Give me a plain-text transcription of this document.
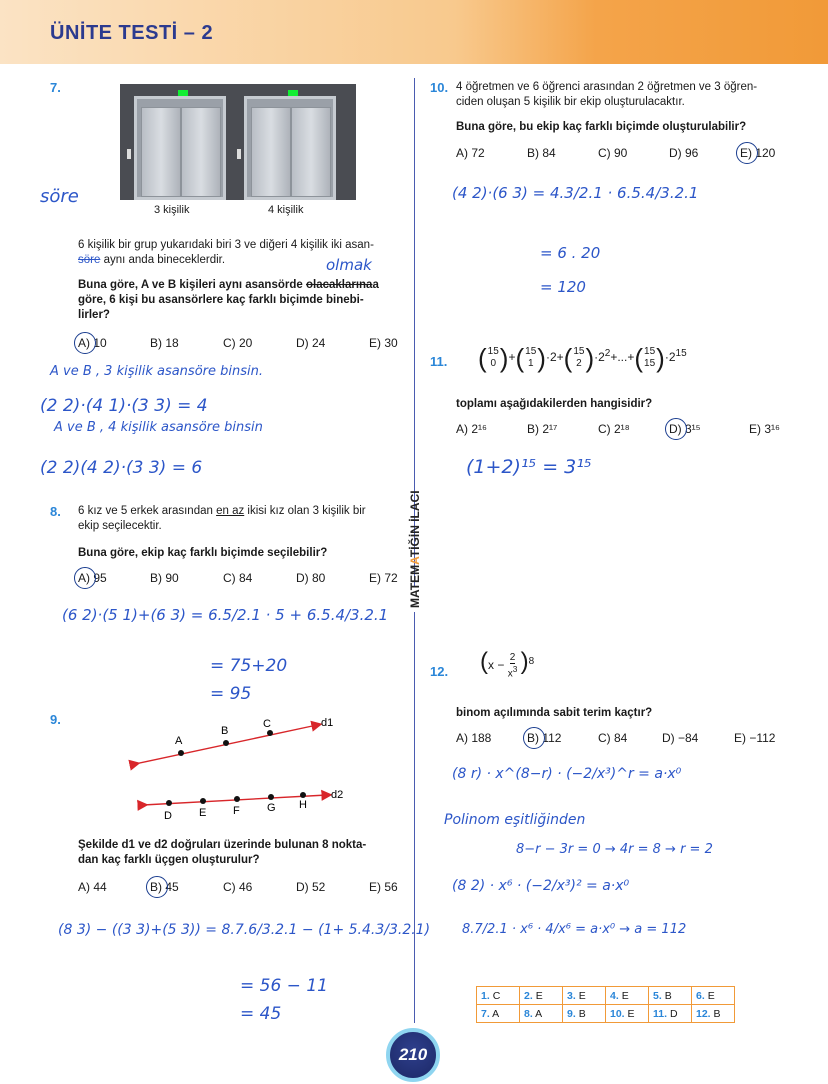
ÜNİTE TESTİ – 2
MATEMATİĞİN İLACI
7.
3 kişilik	4 kişilik
6 kişilik bir grup yukarıdaki biri 3 ve diğeri 4 kişilik iki asan-
söre aynı anda bineceklerdir.
Buna göre, A ve B kişileri aynı asansörde olacaklarınaa
göre, 6 kişi bu asansörlere kaç farklı biçimde binebi-
lirler?
A) 10	B) 18	C) 20	D) 24	E) 30
söre
olmak
A ve B , 3 kişilik asansöre binsin.
(2 2)·(4 1)·(3 3) = 4
A ve B , 4 kişilik asansöre binsin
(2 2)(4 2)·(3 3) = 6
8. 6 kız ve 5 erkek arasından en az ikisi kız olan 3 kişilik bir
ekip seçilecektir.
Buna göre, ekip kaç farklı biçimde seçilebilir?
A) 95	B) 90	C) 84	D) 80	E) 72
(6 2)·(5 1)+(6 3) = 6.5/2.1 · 5 + 6.5.4/3.2.1
= 75+20
= 95
9.
A
B
C
D E F G H
d1
d2
Şekilde d1 ve d2 doğruları üzerinde bulunan 8 nokta-
dan kaç farklı üçgen oluşturulur?
A) 44	B) 45	C) 46	D) 52	E) 56
(8 3) − ((3 3)+(5 3)) = 8.7.6/3.2.1 − (1+ 5.4.3/3.2.1)
= 56 − 11
= 45
10. 4 öğretmen ve 6 öğrenci arasından 2 öğretmen ve 3 öğren-
ciden oluşan 5 kişilik bir ekip oluşturulacaktır.
Buna göre, bu ekip kaç farklı biçimde oluşturulabilir?
A) 72	B) 84	C) 90	D) 96	E) 120
(4 2)·(6 3) = 4.3/2.1 · 6.5.4/3.2.1
= 6 . 20
= 120
11. ( 15
0 ) + ( 15
1 ) ·2+ ( 15
2 ) $\cdot 2^2+...+$ ( 15
15 ) $\cdot 2^{15}$
toplamı aşağıdakilerden hangisidir?
A) 2¹⁶	B) 2¹⁷	C) 2¹⁸	D) 3¹⁵	E) 3¹⁶
(1+2)¹⁵ = 3¹⁵
12. $(x - \frac{2}{x^3} )^8$
binom açılımında sabit terim kaçtır?
A) 188	B) 112	C) 84	D) −84	E) −112
(8 r) · x^(8−r) · (−2/x³)^r = a·x⁰
Polinom eşitliğinden
8−r − 3r = 0 → 4r = 8 → r = 2
(8 2) · x⁶ · (−2/x³)² = a·x⁰
8.7/2.1 · x⁶ · 4/x⁶ = a·x⁰ → a = 112
1. C	2. E	3. E	4. E	5. B	6. E
7. A	8. A	9. B	10. E	11. D	12. B
210
